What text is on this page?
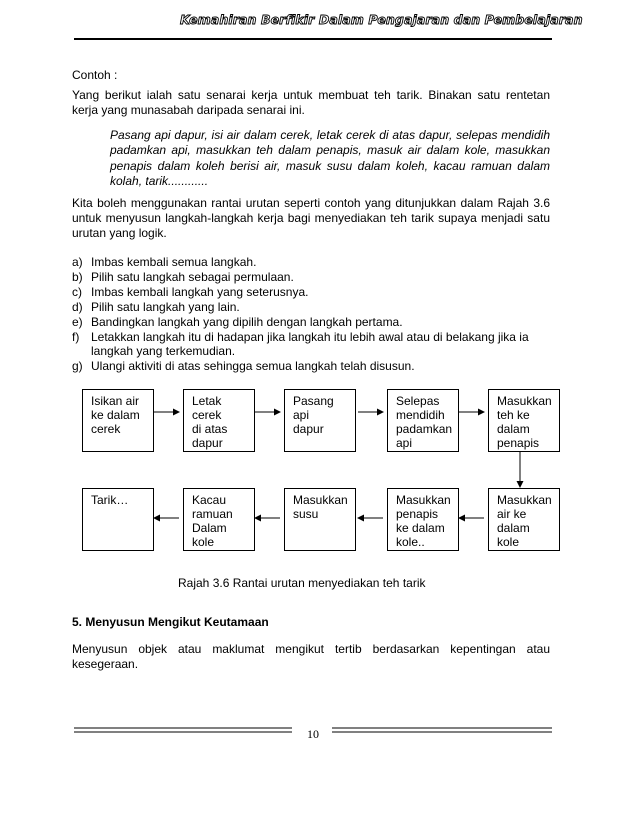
Kemahiran Berfikir Dalam Pengajaran dan Pembelajaran
Contoh :
Yang berikut ialah satu senarai kerja untuk membuat teh tarik. Binakan satu rentetan kerja yang munasabah daripada senarai ini.
Pasang api dapur, isi air dalam cerek, letak cerek di atas dapur, selepas mendidih padamkan api, masukkan teh dalam penapis, masuk air dalam kole, masukkan penapis dalam koleh berisi air, masuk susu dalam koleh, kacau ramuan dalam kolah, tarik............
Kita boleh menggunakan rantai urutan seperti contoh yang ditunjukkan dalam Rajah 3.6 untuk menyusun langkah-langkah kerja bagi menyediakan teh tarik supaya menjadi satu urutan yang logik.
a) Imbas kembali semua langkah.
b) Pilih satu langkah sebagai permulaan.
c) Imbas kembali langkah yang seterusnya.
d) Pilih satu langkah yang lain.
e) Bandingkan langkah yang dipilih dengan langkah pertama.
f) Letakkan langkah itu di hadapan jika langkah itu lebih awal atau di belakang jika ia langkah yang terkemudian.
g) Ulangi aktiviti di atas sehingga semua langkah telah disusun.
Isikan air
ke dalam
cerek
Letak
cerek
di atas
dapur
Pasang
api
dapur
Selepas
mendidih
padamkan
api
Masukkan
teh ke
dalam
penapis
Tarik…	Kacau
ramuan
Dalam
kole
Masukkan
susu
Masukkan
penapis
ke dalam
kole..
Masukkan
air ke
dalam
kole
Rajah 3.6 Rantai urutan menyediakan teh tarik
5. Menyusun Mengikut Keutamaan
Menyusun objek atau maklumat mengikut tertib berdasarkan kepentingan atau kesegeraan.
10
